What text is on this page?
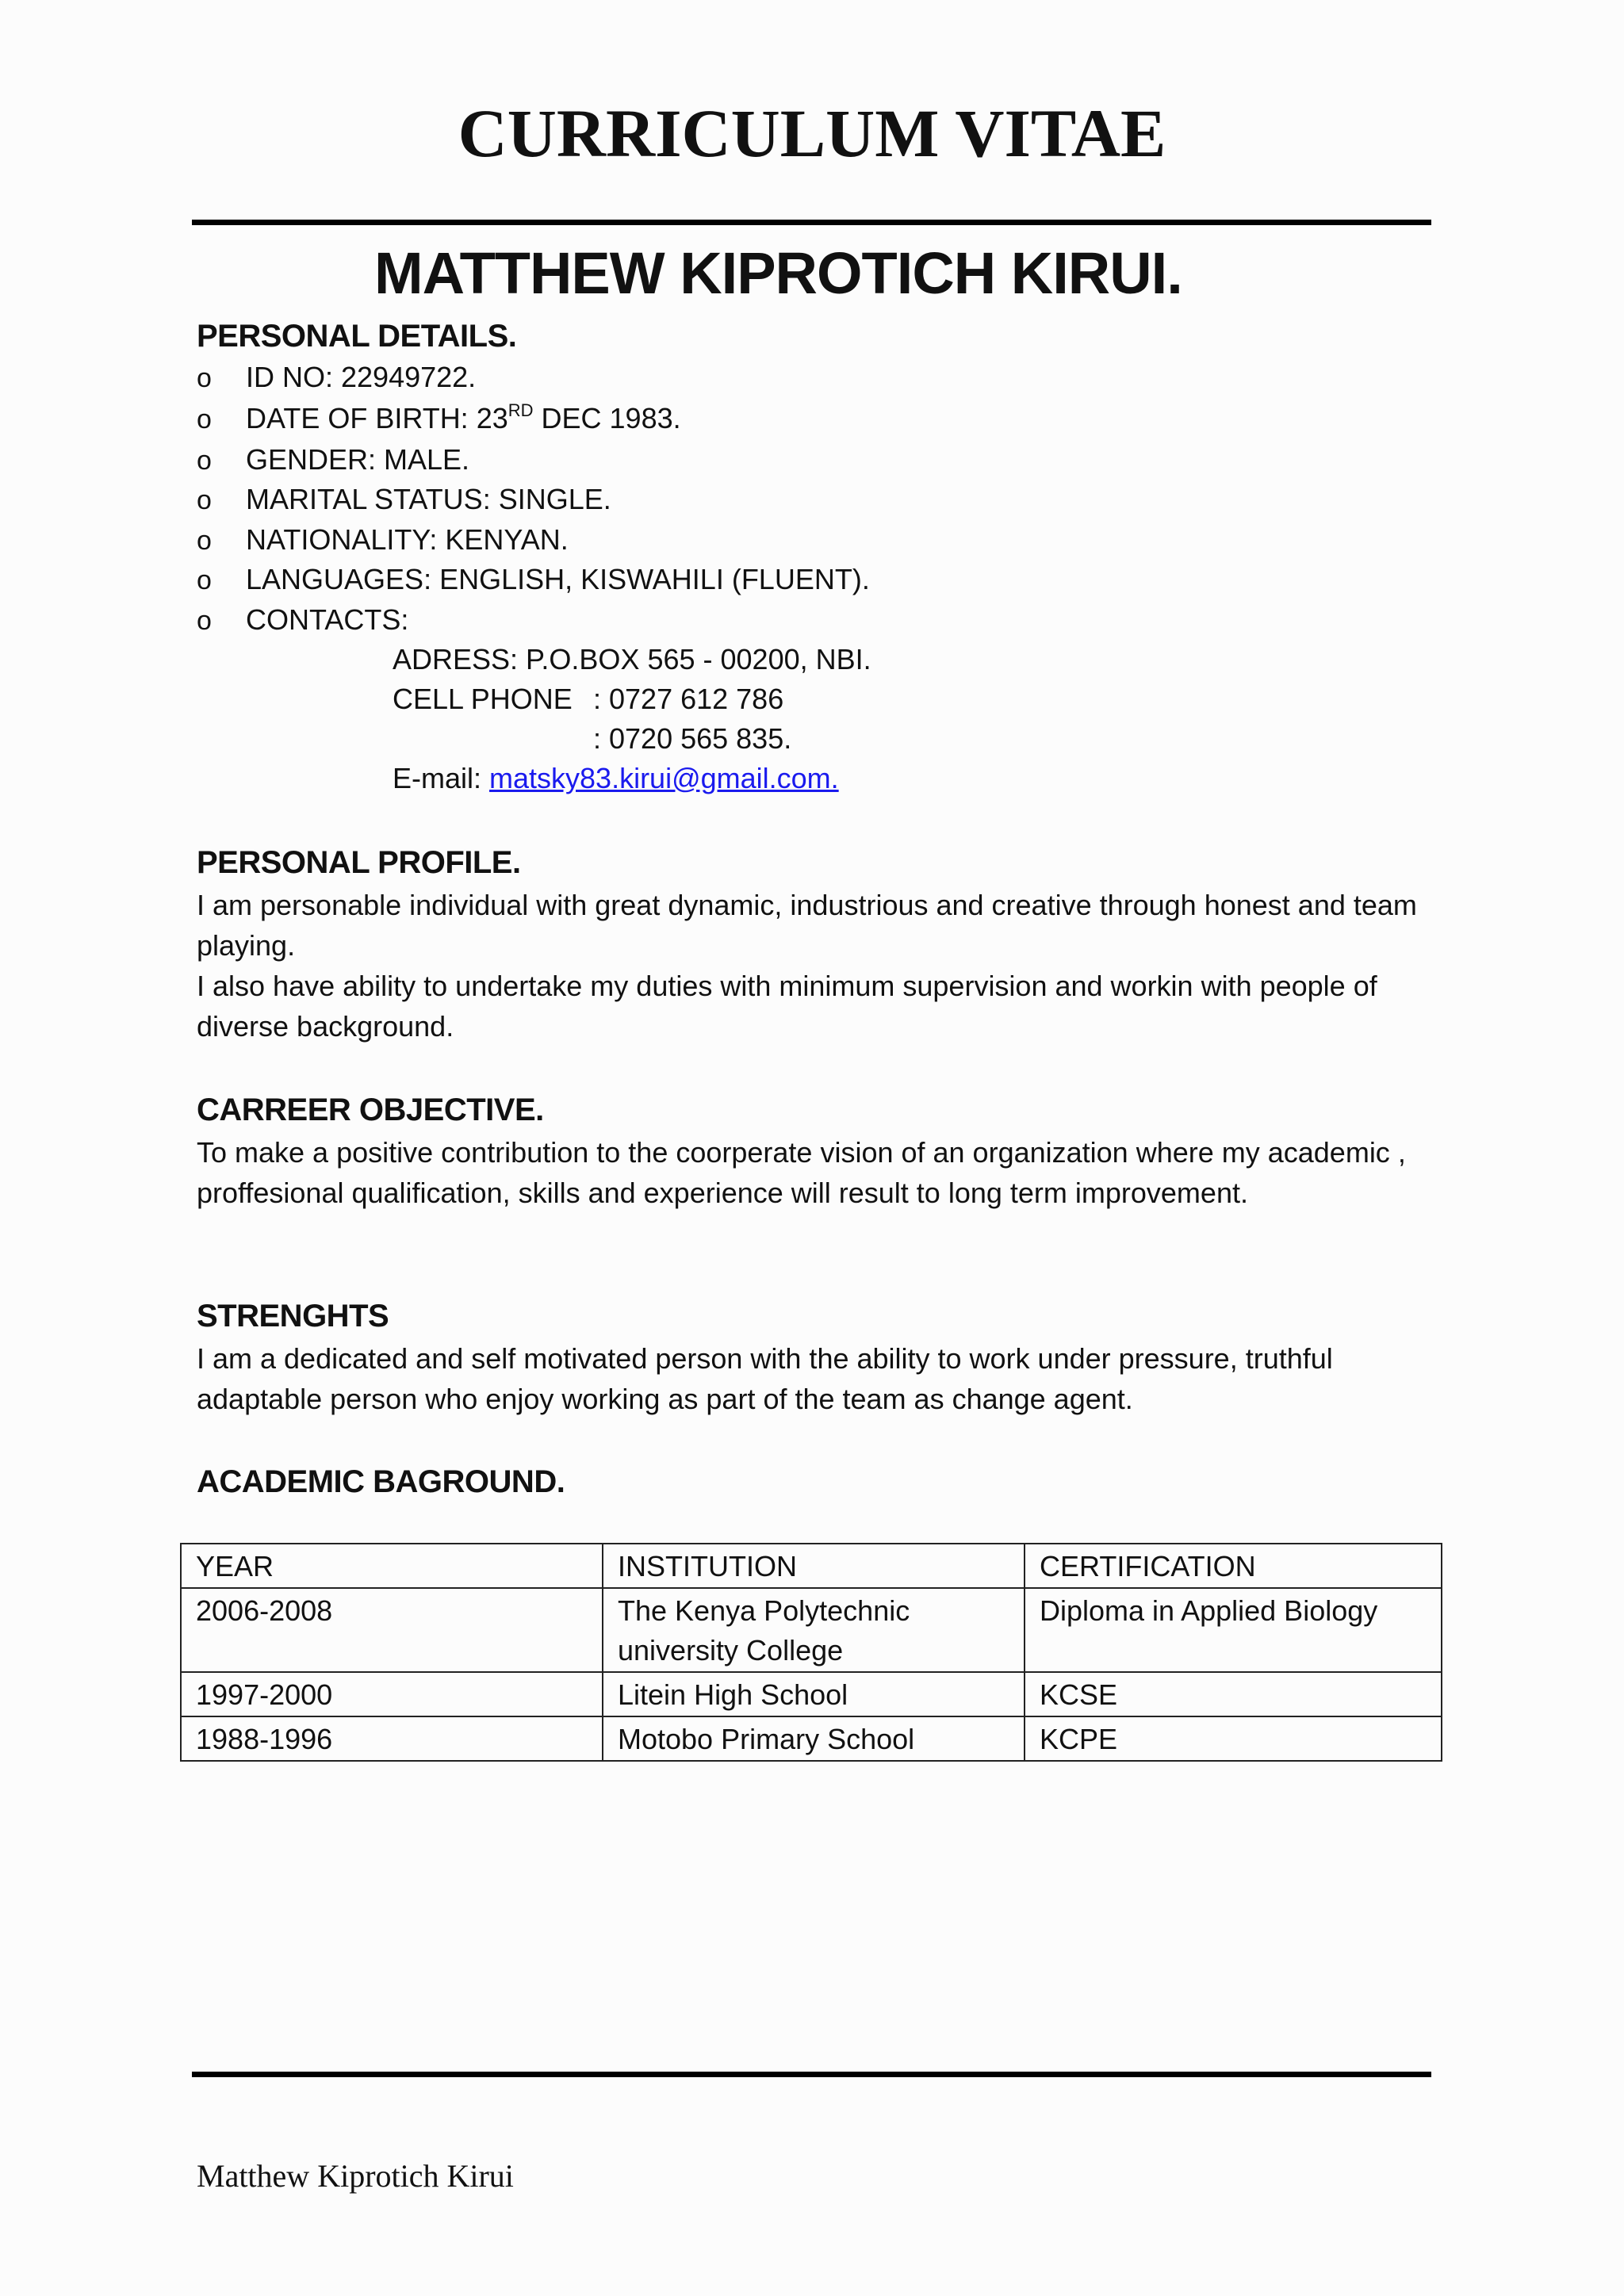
CURRICULUM VITAE
MATTHEW KIPROTICH KIRUI.
PERSONAL DETAILS.
o ID NO: 22949722.
o DATE OF BIRTH: 23RD DEC 1983.
o GENDER: MALE.
o MARITAL STATUS: SINGLE.
o NATIONALITY: KENYAN.
o LANGUAGES: ENGLISH, KISWAHILI (FLUENT).
o CONTACTS:
ADRESS: P.O.BOX 565 - 00200, NBI.
CELL PHONE : 0727 612 786
: 0720 565 835.
E-mail: matsky83.kirui@gmail.com.
PERSONAL PROFILE.

I am personable individual with great dynamic, industrious and creative through honest and team playing.

I also have ability to undertake my duties with minimum supervision and workin with people of diverse background.

CARREER OBJECTIVE.

To make a positive contribution to the coorperate vision of an organization where my academic , proffesional qualification, skills and experience will result to long term improvement.

STRENGHTS

I am a dedicated and self motivated person with the ability to work under pressure, truthful adaptable person who enjoy working as part of the team as change agent.

ACADEMIC BAGROUND.
YEAR	INSTITUTION	CERTIFICATION
2006-2008	The Kenya Polytechnic university College	Diploma in Applied Biology
1997-2000	Litein High School	KCSE
1988-1996	Motobo Primary School	KCPE
Matthew Kiprotich Kirui
